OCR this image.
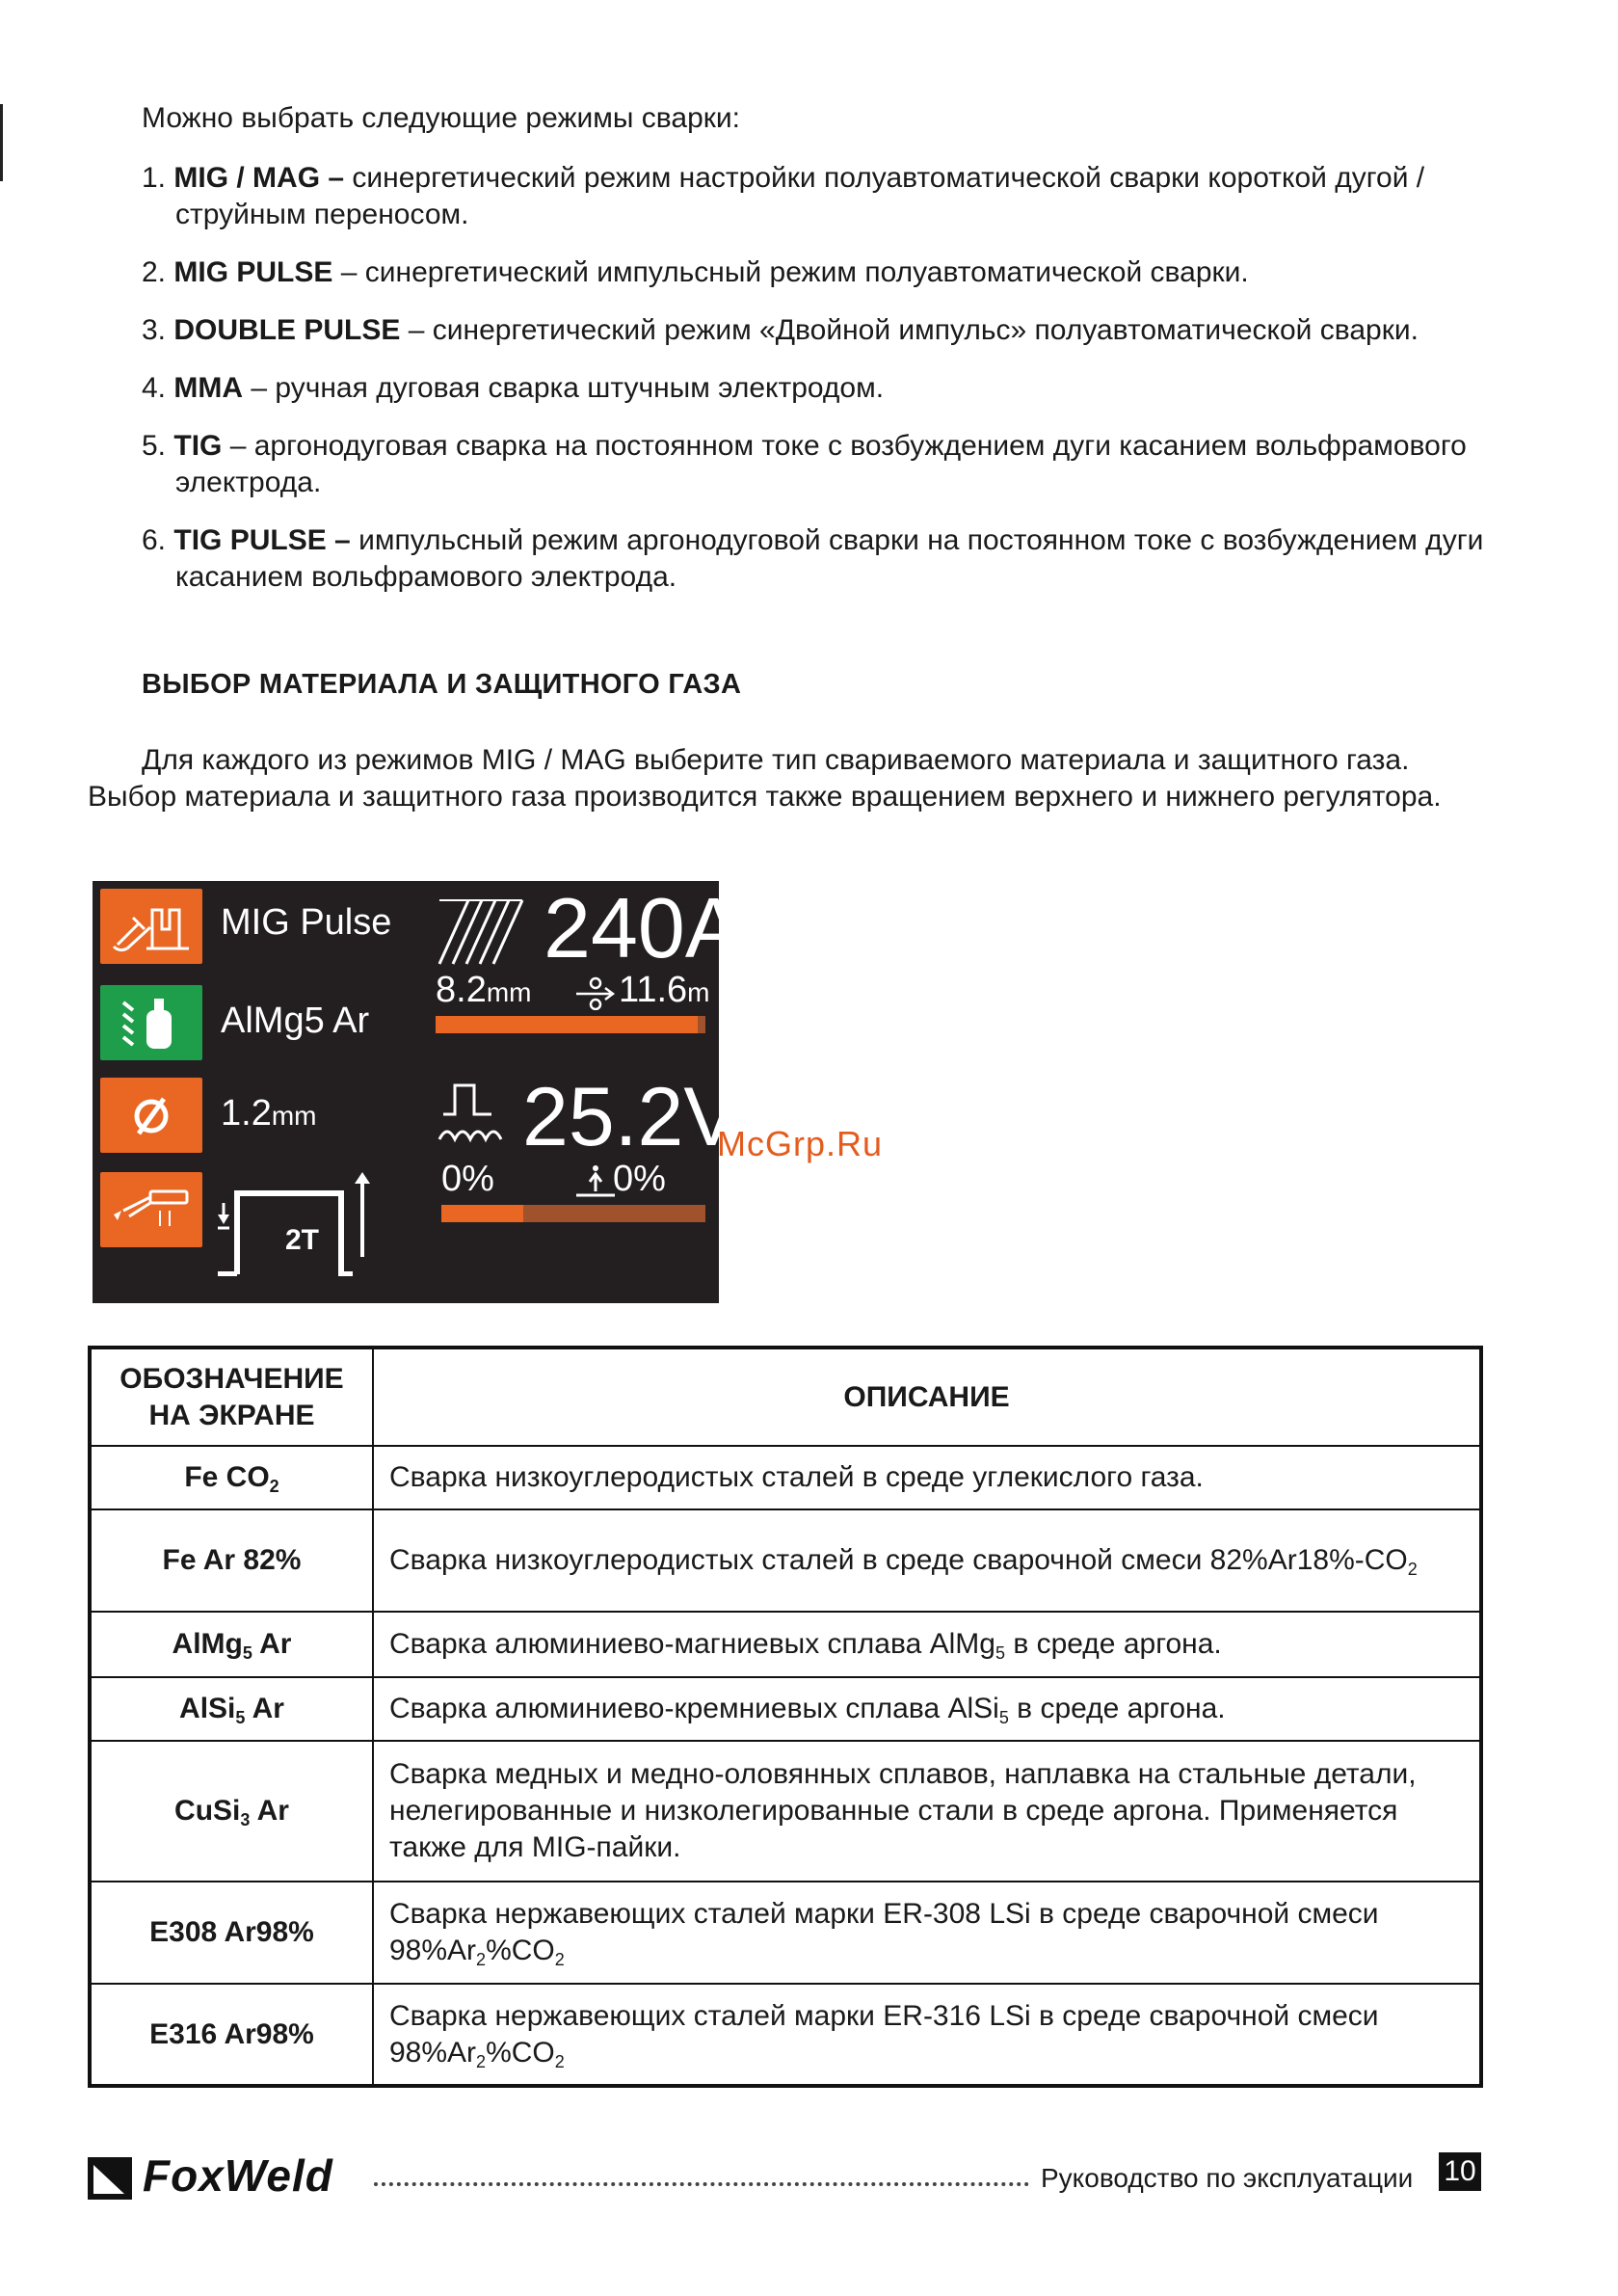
Можно выбрать следующие режимы сварки:
1. MIG / MAG – синергетический режим настройки полуавтоматической сварки короткой дугой / струйным переносом.
2. MIG PULSE – синергетический импульсный режим полуавтоматической сварки.
3. DOUBLE PULSE – синергетический режим «Двойной импульс» полуавтоматической сварки.
4. MMA – ручная дуговая сварка штучным электродом.
5. TIG – аргонодуговая сварка на постоянном токе с возбуждением дуги касанием вольфрамового электрода.
6. TIG PULSE – импульсный режим аргонодуговой сварки на постоянном токе с возбуждением дуги касанием вольфрамового электрода.
ВЫБОР МАТЕРИАЛА И ЗАЩИТНОГО ГАЗА
Для каждого из режимов MIG / MAG выберите тип свариваемого материала и защитного газа. Выбор материала и защитного газа производится также вращением верхнего и нижнего регулятора.
MIG Pulse
AlMg5 Ar
1.2mm
2T
240A
8.2mm 11.6m
25.2V
0%	0%
McGrp.Ru
ОБОЗНАЧЕНИЕ
НА ЭКРАНЕ	ОПИСАНИЕ
Fe $CO_2$	Сварка низкоуглеродистых сталей в среде углекислого газа.
Fe Ar 82%	Сварка низкоуглеродистых сталей в среде сварочной смеси $82\%Ar18\%-CO_2$
AlMg$_5$ Ar	Сварка алюминиево-магниевых сплава AlMg$_5$ в среде аргона.
AlSi$_5$ Ar	Сварка алюминиево-кремниевых сплава AlSi$_5$ в среде аргона.
CuSi$_3$ Ar	Сварка медных и медно-оловянных сплавов, наплавка на стальные детали, нелегированные и низколегированные стали в среде аргона. Применяется также для MIG-пайки.
E308 Ar98%	Сварка нержавеющих сталей марки ER-308 LSi в среде сварочной смеси $98\%Ar_2\%CO_2$
E316 Ar98%	Сварка нержавеющих сталей марки ER-316 LSi в среде сварочной смеси $98\%Ar_2\%CO_2$
FoxWeld	Руководство по эксплуатации 10
